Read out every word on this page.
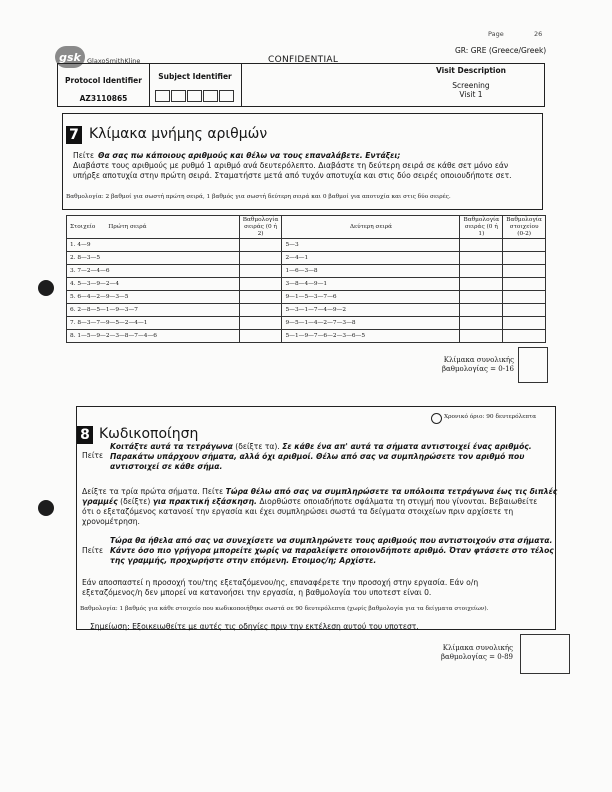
Page	26
gsk GlaxoSmithKline	CONFIDENTIAL
GR: GRE (Greece/Greek)
Protocol Identifier
AZ3110865
Subject Identifier
Visit Description
Screening
Visit 1
7 Κλίμακα μνήμης αριθμών
Πείτε Θα σας πω κάποιους αριθμούς και θέλω να τους επαναλάβετε. Εντάξει;
Διαβάστε τους αριθμούς με ρυθμό 1 αριθμό ανά δευτερόλεπτο. Διαβάστε τη δεύτερη σειρά σε κάθε σετ μόνο εάν
υπήρξε αποτυχία στην πρώτη σειρά. Σταματήστε μετά από τυχόν αποτυχία και στις δύο σειρές οποιουδήποτε σετ.
Βαθμολογία: 2 βαθμοί για σωστή πρώτη σειρά, 1 βαθμός για σωστή δεύτερη σειρά και 0 βαθμοί για αποτυχία και στις δύο σειρές.
Στοιχείο Πρώτη σειρά	Βαθμολογία σειράς (0 ή 2)	Δεύτερη σειρά	Βαθμολογία σειράς (0 ή 1)	Βαθμολογία στοιχείου (0-2)
1. 4—9		5—3		
2. 8—3—5		2—4—1		
3. 7—2—4—6		1—6—3—8		
4. 5—3—9—2—4		3—8—4—9—1		
5. 6—4—2—9—3—5		9—1—5—3—7—6		
6. 2—8—5—1—9—3—7		5—3—1—7—4—9—2		
7. 8—3—7—9—5—2—4—1		9—5—1—4—2—7—3—8		
8. 1—5—9—2—3—8—7—4—6		5—1—9—7—6—2—3—6—5		
Κλίμακα συνολικής
βαθμολογίας = 0-16
Χρονικό όριο: 90 δευτερόλεπτα
8 Κωδικοποίηση
Πείτε
Κοιτάξτε αυτά τα τετράγωνα (δείξτε τα). Σε κάθε ένα απ' αυτά τα σήματα αντιστοιχεί ένας αριθμός.
Παρακάτω υπάρχουν σήματα, αλλά όχι αριθμοί. Θέλω από σας να συμπληρώσετε τον αριθμό που
αντιστοιχεί σε κάθε σήμα.
Δείξτε τα τρία πρώτα σήματα. Πείτε Τώρα θέλω από σας να συμπληρώσετε τα υπόλοιπα τετράγωνα έως τις διπλές
γραμμές (δείξτε) για πρακτική εξάσκηση. Διορθώστε οποιαδήποτε σφάλματα τη στιγμή που γίνονται. Βεβαιωθείτε
ότι ο εξεταζόμενος κατανοεί την εργασία και έχει συμπληρώσει σωστά τα δείγματα στοιχείων πριν αρχίσετε τη
χρονομέτρηση.
Πείτε
Τώρα θα ήθελα από σας να συνεχίσετε να συμπληρώνετε τους αριθμούς που αντιστοιχούν στα σήματα.
Κάντε όσο πιο γρήγορα μπορείτε χωρίς να παραλείψετε οποιονδήποτε αριθμό. Όταν φτάσετε στο τέλος
της γραμμής, προχωρήστε στην επόμενη. Ετοιμος/η; Αρχίστε.
Εάν αποσπαστεί η προσοχή του/της εξεταζόμενου/ης, επαναφέρετε την προσοχή στην εργασία. Εάν ο/η
εξεταζόμενος/η δεν μπορεί να κατανοήσει την εργασία, η βαθμολογία του υποτεστ είναι 0.
Βαθμολογία: 1 βαθμός για κάθε στοιχείο που κωδικοποιήθηκε σωστά σε 90 δευτερόλεπτα (χωρίς βαθμολογία για τα δείγματα στοιχείων).
Σημείωση: Εξοικειωθείτε με αυτές τις οδηγίες πριν την εκτέλεση αυτού του υποτεστ.
Κλίμακα συνολικής
βαθμολογίας = 0-89
